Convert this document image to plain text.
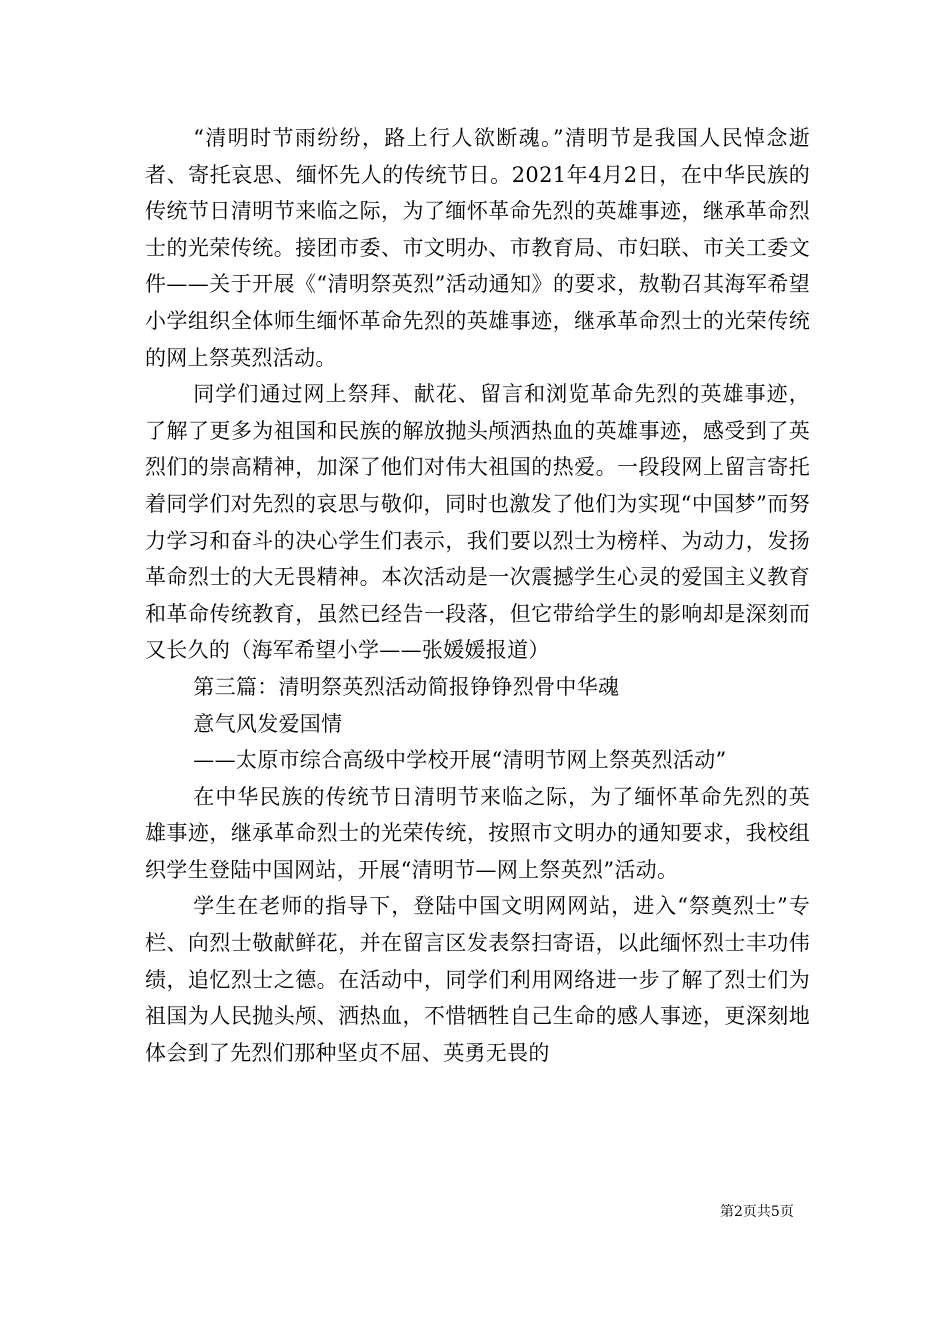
“清明时节雨纷纷，路上行人欲断魂。”清明节是我国人民悼念逝者、寄托哀思、缅怀先人的传统节日。2021年4月2日，在中华民族的传统节日清明节来临之际，为了缅怀革命先烈的英雄事迹，继承革命烈士的光荣传统。接团市委、市文明办、市教育局、市妇联、市关工委文件——关于开展《“清明祭英烈”活动通知》的要求，敖勒召其海军希望小学组织全体师生缅怀革命先烈的英雄事迹，继承革命烈士的光荣传统的网上祭英烈活动。

同学们通过网上祭拜、献花、留言和浏览革命先烈的英雄事迹，了解了更多为祖国和民族的解放抛头颅洒热血的英雄事迹，感受到了英烈们的崇高精神，加深了他们对伟大祖国的热爱。一段段网上留言寄托着同学们对先烈的哀思与敬仰，同时也激发了他们为实现“中国梦”而努力学习和奋斗的决心学生们表示，我们要以烈士为榜样、为动力，发扬革命烈士的大无畏精神。本次活动是一次震撼学生心灵的爱国主义教育和革命传统教育，虽然已经告一段落，但它带给学生的影响却是深刻而又长久的（海军希望小学——张媛媛报道）

第三篇：清明祭英烈活动简报铮铮烈骨中华魂

意气风发爱国情

——太原市综合高级中学校开展“清明节网上祭英烈活动”

在中华民族的传统节日清明节来临之际，为了缅怀革命先烈的英雄事迹，继承革命烈士的光荣传统，按照市文明办的通知要求，我校组织学生登陆中国网站，开展“清明节—网上祭英烈”活动。

学生在老师的指导下，登陆中国文明网网站，进入“祭奠烈士”专栏、向烈士敬献鲜花，并在留言区发表祭扫寄语，以此缅怀烈士丰功伟绩，追忆烈士之德。在活动中，同学们利用网络进一步了解了烈士们为祖国为人民抛头颅、洒热血，不惜牺牲自己生命的感人事迹，更深刻地体会到了先烈们那种坚贞不屈、英勇无畏的

第2页共5页
